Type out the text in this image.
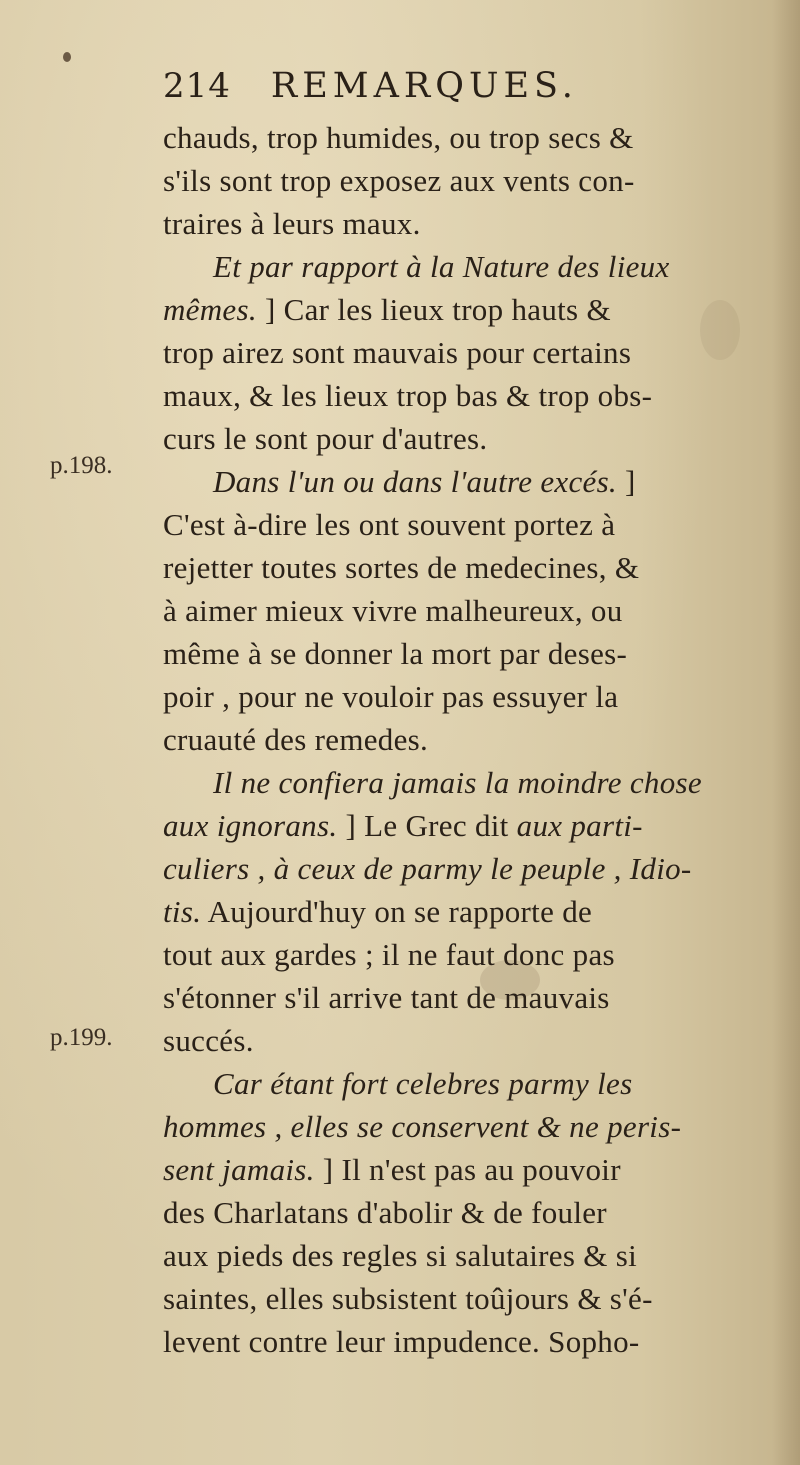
p.198.
p.199.
214 REMARQUES.
chauds, trop humides, ou trop secs &
s'ils sont trop exposez aux vents con-
traires à leurs maux.
Et par rapport à la Nature des lieux
mêmes. ] Car les lieux trop hauts &
trop airez sont mauvais pour certains
maux, & les lieux trop bas & trop obs-
curs le sont pour d'autres.
Dans l'un ou dans l'autre excés. ]
C'est à-dire les ont souvent portez à
rejetter toutes sortes de medecines, &
à aimer mieux vivre malheureux, ou
même à se donner la mort par deses-
poir , pour ne vouloir pas essuyer la
cruauté des remedes.
Il ne confiera jamais la moindre chose
aux ignorans. ] Le Grec dit aux parti-
culiers , à ceux de parmy le peuple , Idio-
tis. Aujourd'huy on se rapporte de
tout aux gardes ; il ne faut donc pas
s'étonner s'il arrive tant de mauvais
succés.
Car étant fort celebres parmy les
hommes , elles se conservent & ne peris-
sent jamais. ] Il n'est pas au pouvoir
des Charlatans d'abolir & de fouler
aux pieds des regles si salutaires & si
saintes, elles subsistent toûjours & s'é-
levent contre leur impudence. Sopho-
